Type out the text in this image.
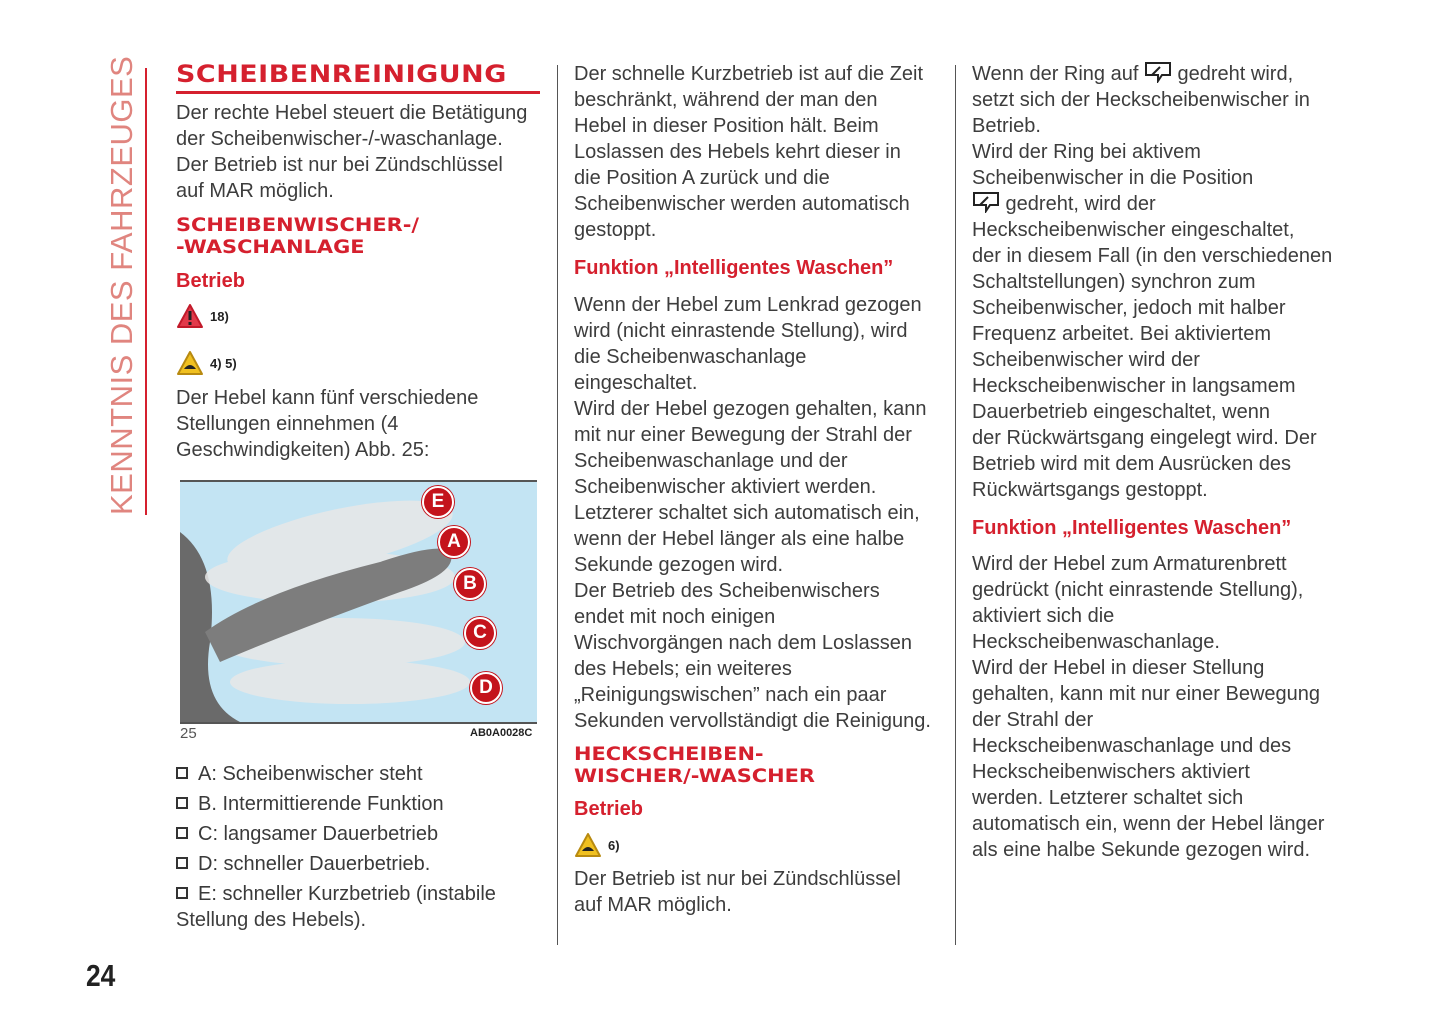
KENNTNIS DES FAHRZEUGES SCHEIBENREINIGUNG
Der rechte Hebel steuert die Betätigung
der Scheibenwischer-/-waschanlage.
Der Betrieb ist nur bei Zündschlüssel
auf MAR möglich.
SCHEIBENWISCHER-/
-WASCHANLAGE
Betrieb
18)
4) 5)
Der Hebel kann fünf verschiedene
Stellungen einnehmen (4
Geschwindigkeiten) Abb. 25:
E
A
B
C
D
25	AB0A0028C
A: Scheibenwischer steht
B. Intermittierende Funktion
C: langsamer Dauerbetrieb
D: schneller Dauerbetrieb.
E: schneller Kurzbetrieb (instabile
Stellung des Hebels).
Der schnelle Kurzbetrieb ist auf die Zeit
beschränkt, während der man den
Hebel in dieser Position hält. Beim
Loslassen des Hebels kehrt dieser in
die Position A zurück und die
Scheibenwischer werden automatisch
gestoppt.
Funktion „Intelligentes Waschen”
Wenn der Hebel zum Lenkrad gezogen
wird (nicht einrastende Stellung), wird
die Scheibenwaschanlage
eingeschaltet.
Wird der Hebel gezogen gehalten, kann
mit nur einer Bewegung der Strahl der
Scheibenwaschanlage und der
Scheibenwischer aktiviert werden.
Letzterer schaltet sich automatisch ein,
wenn der Hebel länger als eine halbe
Sekunde gezogen wird.
Der Betrieb des Scheibenwischers
endet mit noch einigen
Wischvorgängen nach dem Loslassen
des Hebels; ein weiteres
„Reinigungswischen” nach ein paar
Sekunden vervollständigt die Reinigung.
HECKSCHEIBEN-
WISCHER/-WASCHER
Betrieb
6)
Der Betrieb ist nur bei Zündschlüssel
auf MAR möglich.
Wenn der Ring auf  gedreht wird,
setzt sich der Heckscheibenwischer in
Betrieb.
Wird der Ring bei aktivem
Scheibenwischer in die Position
gedreht, wird der
Heckscheibenwischer eingeschaltet,
der in diesem Fall (in den verschiedenen
Schaltstellungen) synchron zum
Scheibenwischer, jedoch mit halber
Frequenz arbeitet. Bei aktiviertem
Scheibenwischer wird der
Heckscheibenwischer in langsamem
Dauerbetrieb eingeschaltet, wenn
der Rückwärtsgang eingelegt wird. Der
Betrieb wird mit dem Ausrücken des
Rückwärtsgangs gestoppt.
Funktion „Intelligentes Waschen”
Wird der Hebel zum Armaturenbrett
gedrückt (nicht einrastende Stellung),
aktiviert sich die
Heckscheibenwaschanlage.
Wird der Hebel in dieser Stellung
gehalten, kann mit nur einer Bewegung
der Strahl der
Heckscheibenwaschanlage und des
Heckscheibenwischers aktiviert
werden. Letzterer schaltet sich
automatisch ein, wenn der Hebel länger
als eine halbe Sekunde gezogen wird.
24
